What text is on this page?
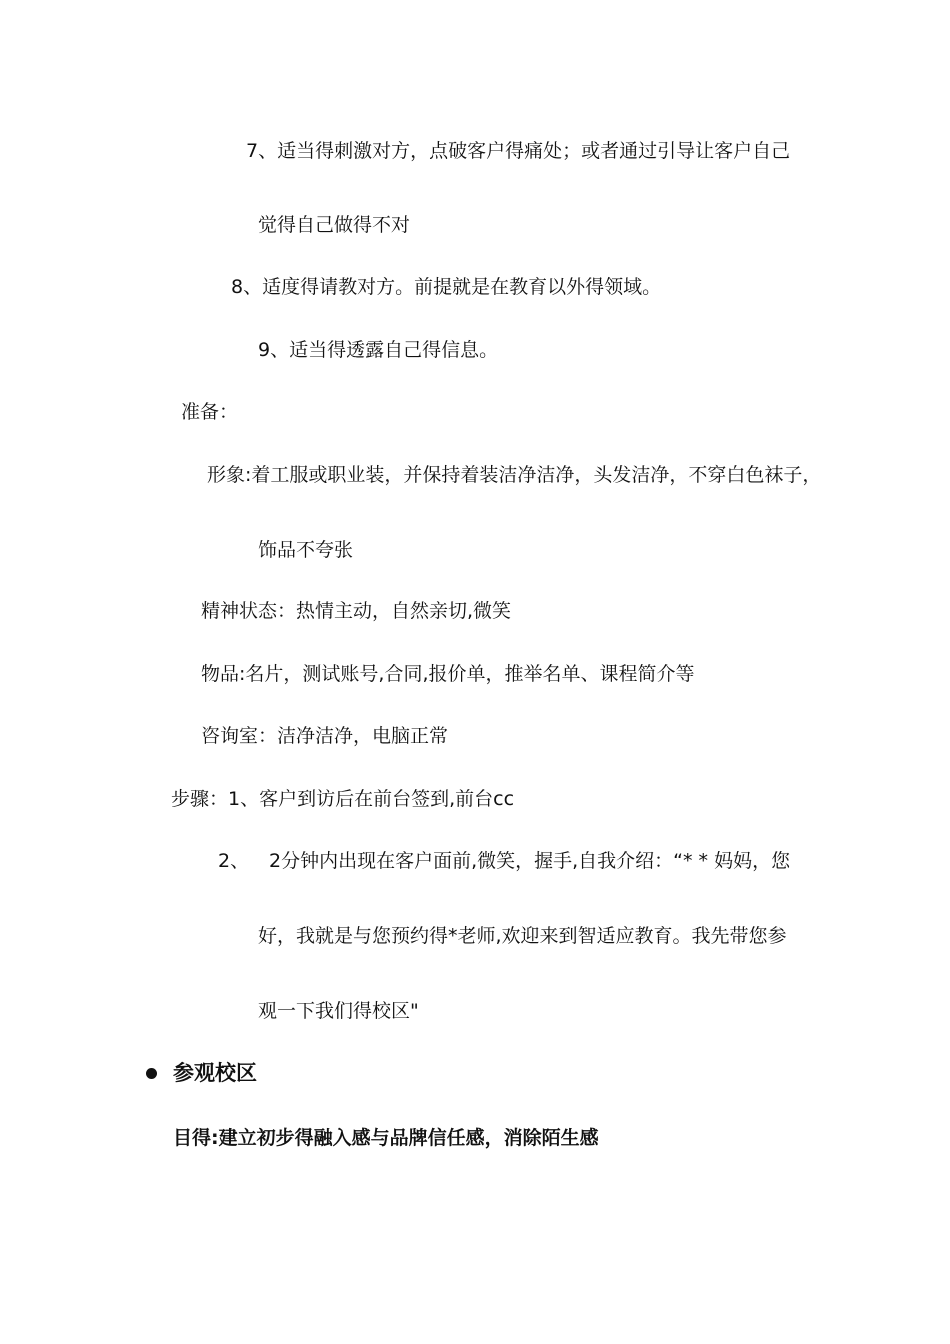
7、适当得刺激对方，点破客户得痛处；或者通过引导让客户自己
觉得自己做得不对
8、适度得请教对方。前提就是在教育以外得领域。
9、适当得透露自己得信息。
准备：
形象:着工服或职业装，并保持着装洁净洁净，头发洁净，不穿白色袜子，
饰品不夸张
精神状态：热情主动，自然亲切,微笑
物品:名片，测试账号,合同,报价单，推举名单、课程简介等
咨询室：洁净洁净，电脑正常
步骤：1、客户到访后在前台签到,前台cc
2、 2分钟内出现在客户面前,微笑，握手,自我介绍：“* * 妈妈，您
好，我就是与您预约得*老师,欢迎来到智适应教育。我先带您参
观一下我们得校区"
参观校区
目得:建立初步得融入感与品牌信任感，消除陌生感
